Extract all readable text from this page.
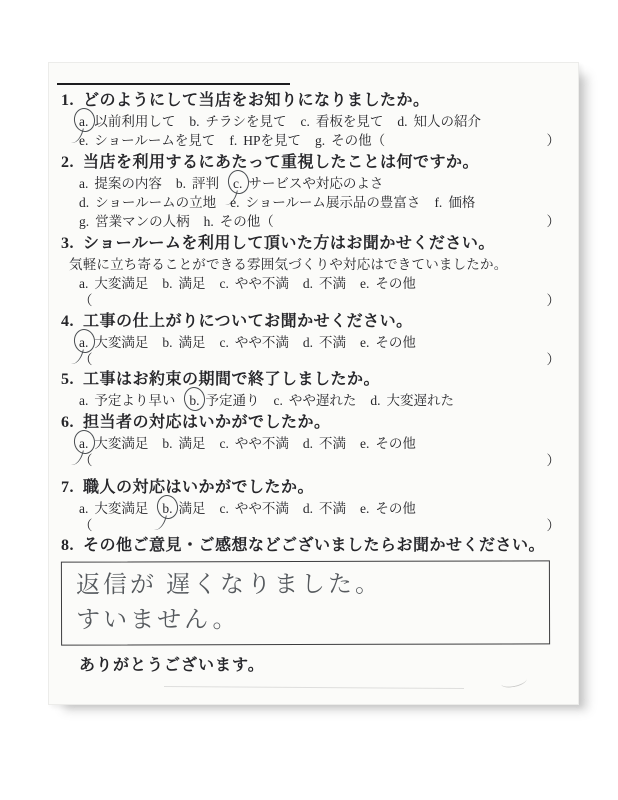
1. どのようにして当店をお知りになりましたか。
a. 以前利用して b. チラシを見て c. 看板を見て d. 知人の紹介
e. ショールームを見て f. HPを見て g. その他（	）
2. 当店を利用するにあたって重視したことは何ですか。
a. 提案の内容 b. 評判 c. サービスや対応のよさ
d. ショールームの立地 e. ショールーム展示品の豊富さ f. 価格
g. 営業マンの人柄 h. その他（	）
3. ショールームを利用して頂いた方はお聞かせください。
気軽に立ち寄ることができる雰囲気づくりや対応はできていましたか。
a. 大変満足 b. 満足 c. やや不満 d. 不満 e. その他
（	）
4. 工事の仕上がりについてお聞かせください。
a. 大変満足 b. 満足 c. やや不満 d. 不満 e. その他
（	）
5. 工事はお約束の期間で終了しましたか。
a. 予定より早い b. 予定通り c. やや遅れた d. 大変遅れた
6. 担当者の対応はいかがでしたか。
a. 大変満足 b. 満足 c. やや不満 d. 不満 e. その他
（	）
7. 職人の対応はいかがでしたか。
a. 大変満足 b. 満足 c. やや不満 d. 不満 e. その他
（	）
8. その他ご意見・ご感想などございましたらお聞かせください。
返信が 遅くなりました。
すいません。
ありがとうございます。
